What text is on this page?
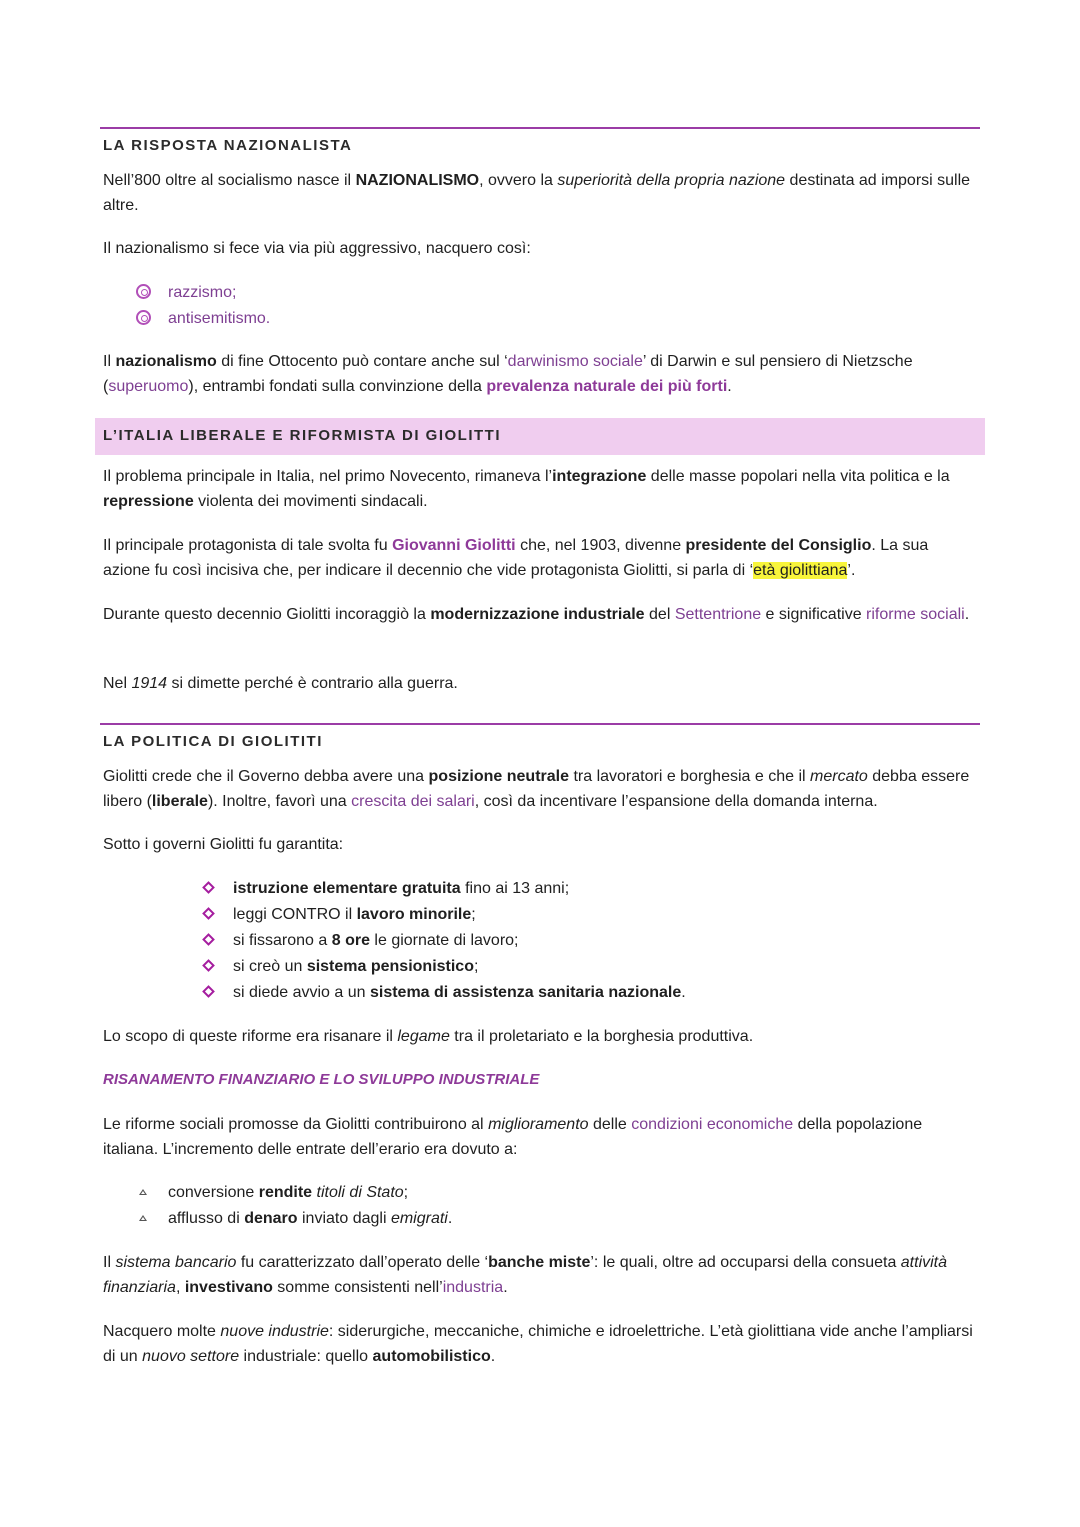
LA RISPOSTA NAZIONALISTA

Nell’800 oltre al socialismo nasce il NAZIONALISMO, ovvero la superiorità della propria nazione destinata ad imporsi sulle altre.

Il nazionalismo si fece via via più aggressivo, nacquero così:

razzismo;
antisemitismo.

Il nazionalismo di fine Ottocento può contare anche sul ‘darwinismo sociale’ di Darwin e sul pensiero di Nietzsche (superuomo), entrambi fondati sulla convinzione della prevalenza naturale dei più forti.

L’ITALIA LIBERALE E RIFORMISTA DI GIOLITTI

Il problema principale in Italia, nel primo Novecento, rimaneva l’integrazione delle masse popolari nella vita politica e la repressione violenta dei movimenti sindacali.

Il principale protagonista di tale svolta fu Giovanni Giolitti che, nel 1903, divenne presidente del Consiglio. La sua azione fu così incisiva che, per indicare il decennio che vide protagonista Giolitti, si parla di ‘età giolittiana’.

Durante questo decennio Giolitti incoraggiò la modernizzazione industriale del Settentrione e significative riforme sociali.

Nel 1914 si dimette perché è contrario alla guerra.

LA POLITICA DI GIOLITITI

Giolitti crede che il Governo debba avere una posizione neutrale tra lavoratori e borghesia e che il mercato debba essere libero (liberale). Inoltre, favorì una crescita dei salari, così da incentivare l’espansione della domanda interna.

Sotto i governi Giolitti fu garantita:

istruzione elementare gratuita fino ai 13 anni;
leggi CONTRO il lavoro minorile;
si fissarono a 8 ore le giornate di lavoro;
si creò un sistema pensionistico;
si diede avvio a un sistema di assistenza sanitaria nazionale.

Lo scopo di queste riforme era risanare il legame tra il proletariato e la borghesia produttiva.

RISANAMENTO FINANZIARIO E LO SVILUPPO INDUSTRIALE

Le riforme sociali promosse da Giolitti contribuirono al miglioramento delle condizioni economiche della popolazione italiana. L’incremento delle entrate dell’erario era dovuto a:

conversione rendite titoli di Stato;
afflusso di denaro inviato dagli emigrati.

Il sistema bancario fu caratterizzato dall’operato delle ‘banche miste’: le quali, oltre ad occuparsi della consueta attività finanziaria, investivano somme consistenti nell’industria.

Nacquero molte nuove industrie: siderurgiche, meccaniche, chimiche e idroelettriche. L’età giolittiana vide anche l’ampliarsi di un nuovo settore industriale: quello automobilistico.
